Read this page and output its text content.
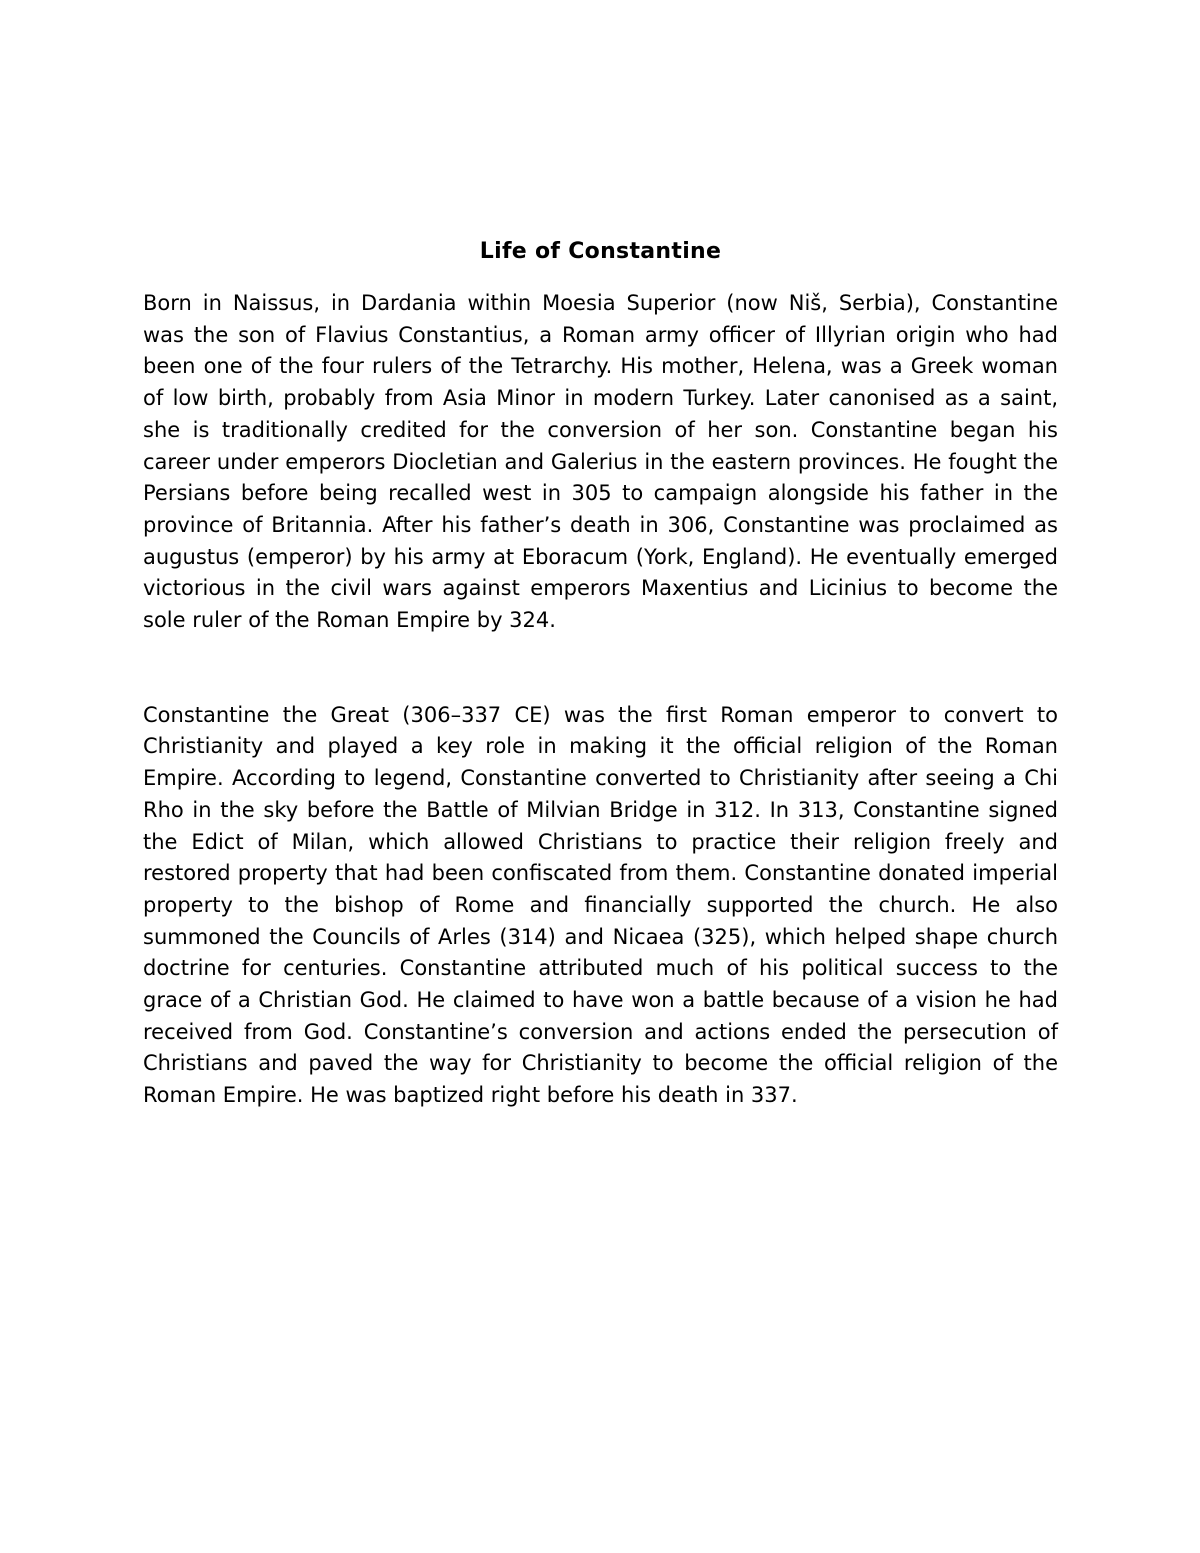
Life of Constantine

Born in Naissus, in Dardania within Moesia Superior (now Niš, Serbia), Constantine was the son of Flavius Constantius, a Roman army officer of Illyrian origin who had been one of the four rulers of the Tetrarchy. His mother, Helena, was a Greek woman of low birth, probably from Asia Minor in modern Turkey. Later canonised as a saint, she is traditionally credited for the conversion of her son. Constantine began his career under emperors Diocletian and Galerius in the eastern provinces. He fought the Persians before being recalled west in 305 to campaign alongside his father in the province of Britannia. After his father’s death in 306, Constantine was proclaimed as augustus (emperor) by his army at Eboracum (York, England). He eventually emerged victorious in the civil wars against emperors Maxentius and Licinius to become the sole ruler of the Roman Empire by 324.

Constantine the Great (306–337 CE) was the first Roman emperor to convert to Christianity and played a key role in making it the official religion of the Roman Empire. According to legend, Constantine converted to Christianity after seeing a Chi Rho in the sky before the Battle of Milvian Bridge in 312. In 313, Constantine signed the Edict of Milan, which allowed Christians to practice their religion freely and restored property that had been confiscated from them. Constantine donated imperial property to the bishop of Rome and financially supported the church. He also summoned the Councils of Arles (314) and Nicaea (325), which helped shape church doctrine for centuries. Constantine attributed much of his political success to the grace of a Christian God. He claimed to have won a battle because of a vision he had received from God. Constantine’s conversion and actions ended the persecution of Christians and paved the way for Christianity to become the official religion of the Roman Empire. He was baptized right before his death in 337.
